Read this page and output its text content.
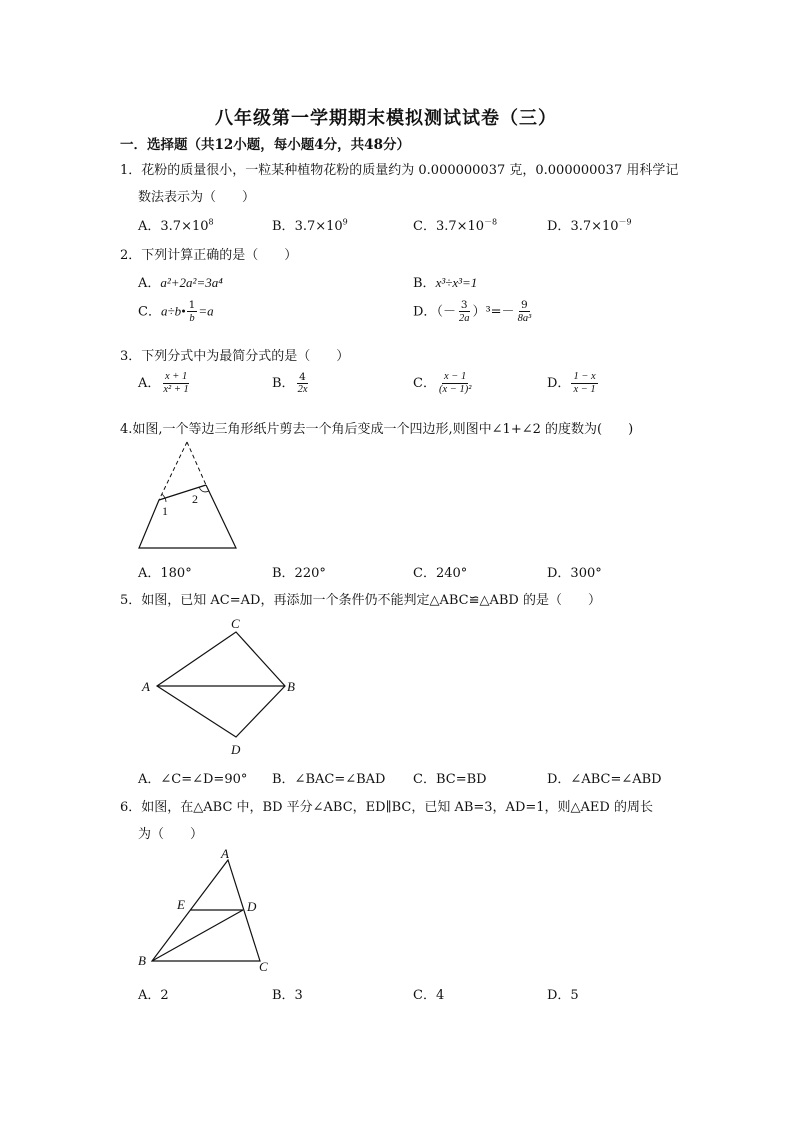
八年级第一学期期末模拟测试试卷（三）
一．选择题（共12小题，每小题4分，共48分）
1．花粉的质量很小，一粒某种植物花粉的质量约为 0.000000037 克，0.000000037 用科学记
数法表示为（　　）
A．$3.7\times 10^8$	B．$3.7\times 10^9$	C．$3.7\times 10^{-8}$	D．$3.7\times 10^{-9}$
2．下列计算正确的是（　　）
A．a²+2a²=3a⁴	B．x³÷x³=1
C．a÷b• $\frac{1}{b} =a$	D．（－ $\frac{3}{2a} )^3=- \frac{9}{\text{8a³}}$
3．下列分式中为最简分式的是（　　）
A． $\frac{x + 1}{\text{x² + 1}}$	B． $\frac{4}{2x}$	C． $\frac{x - 1}{\text{(x − 1)²}}$	D． $\frac{1 - x}{x - 1}$
4.如图,一个等边三角形纸片剪去一个角后变成一个四边形,则图中∠1+∠2 的度数为(　　)
1
2
A．180°	B．220°	C．240°	D．300°
5．如图，已知 AC=AD，再添加一个条件仍不能判定△ABC≌△ABD 的是（　　）
A	B
C
D
A．∠C=∠D=90° B．∠BAC=∠BAD C．BC=BD	D．∠ABC=∠ABD
6．如图，在△ABC 中，BD 平分∠ABC，ED∥BC，已知 AB=3，AD=1，则△AED 的周长
为（　　）
A
E	D
B	C
A．2	B．3	C．4	D．5
